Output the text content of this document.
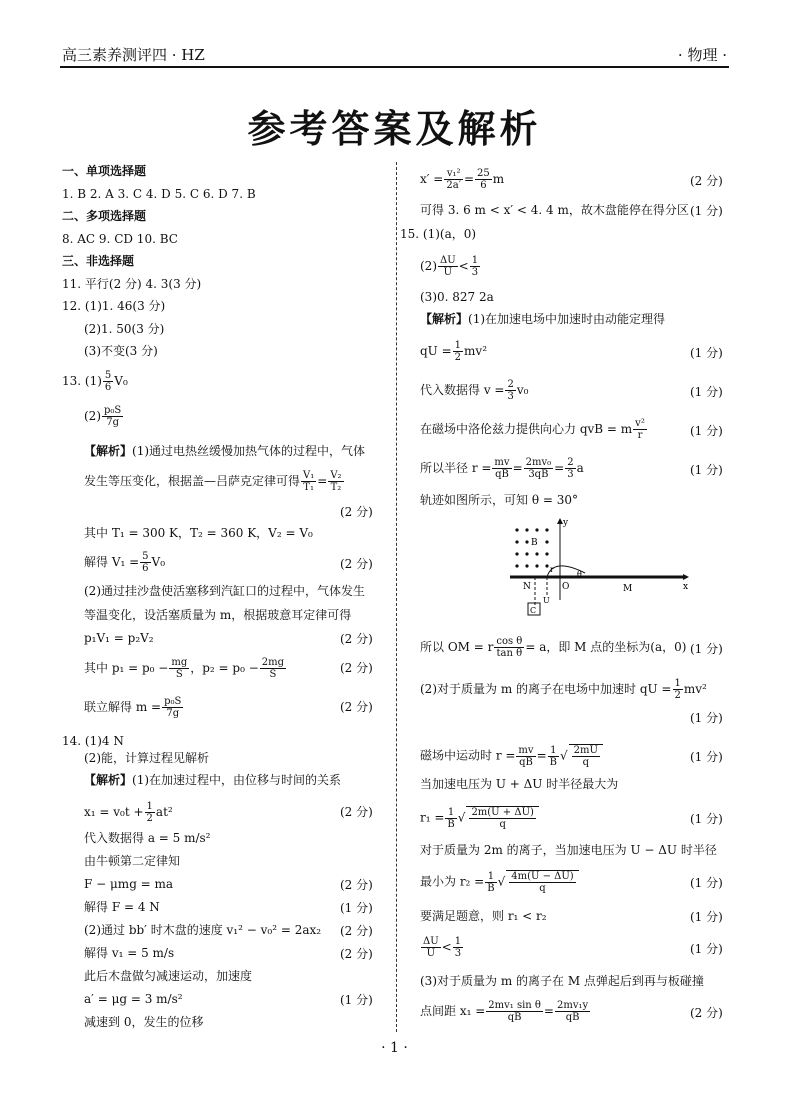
高三素养测评四 · HZ	· 物理 ·
参考答案及解析
一、单项选择题
1. B 2. A 3. C 4. D 5. C 6. D 7. B
二、多项选择题
8. AC 9. CD 10. BC
三、非选择题
11. 平行(2 分) 4. 3(3 分)
12. (1)1. 46(3 分)
(2)1. 50(3 分)
(3)不变(3 分)
13. $(1) \frac{5}{6} V_0$
$(2) \frac{\text{p₀S}}{7g}$
【解析】(1)通过电热丝缓慢加热气体的过程中，气体
发生等压变化，根据盖—吕萨克定律可得 $\frac{\text{V₁}}{\text{T₁}} = \frac{\text{V₂}}{\text{T₂}}$
(2 分)
其中 T₁ = 300 K，T₂ = 360 K，V₂ = V₀
解得 $V_1 = \frac{5}{6} V_0$	(2 分)
(2)通过挂沙盘使活塞移到汽缸口的过程中，气体发生
等温变化，设活塞质量为 m，根据玻意耳定律可得
p₁V₁ = p₂V₂	(2 分)
其中 $p_1 = p_0 - \frac{mg}{S}$ ，$p_2 = p_0 - \frac{2mg}{S}$	(2 分)
联立解得 $m = \frac{\text{p₀S}}{7g}$	(2 分)
14. (1)4 N
(2)能，计算过程见解析
【解析】(1)在加速过程中，由位移与时间的关系
$x_1 = v_0t + \frac{1}{2} at^2$	(2 分)
代入数据得 a = 5 m/s²
由牛顿第二定律知
F − μmg = ma	(2 分)
解得 F = 4 N	(1 分)
(2)通过 bb′ 时木盘的速度 v₁² − v₀² = 2ax₂ (2 分)
解得 v₁ = 5 m/s	(2 分)
此后木盘做匀减速运动，加速度
a′ = μg = 3 m/s²	(1 分)
减速到 0，发生的位移
$x' = \frac{\text{v₁²}}{2a'} = \frac{25}{6}$ m	(2 分)
可得 3. 6 m < x′ < 4. 4 m，故木盘能停在得分区 (1 分)
15. (1)(a，0)
$(2) \frac{\Delta U}{U} < \frac{1}{3}$
(3)0. 827 2a
【解析】(1)在加速电场中加速时由动能定理得
qU = $\frac{1}{2} mv^2$	(1 分)
代入数据得 $v = \frac{2}{3} v_0$	(1 分)
在磁场中洛伦兹力提供向心力 qvB = m $\frac{\text{v²}}{r}$	(1 分)
所以半径 $r = \frac{mv}{qB} = \frac{\text{2mv₀}}{3qB} = \frac{2}{3}$ a	(1 分)
轨迹如图所示，可知 θ = 30°
y
x
B
O	M
N
r
θ
U
C
所以 OM = r $\frac{\text{cos θ}}{\text{tan θ}} = a$，即 M 点的坐标为(a，0) (1 分)
(2)对于质量为 m 的离子在电场中加速时 qU = $\frac{1}{2} mv^2$
(1 分)
磁场中运动时 $r = \frac{mv}{qB} = \frac{1}{B}$ √ $\frac{2mU}{q}$	(1 分)
当加速电压为 U + ΔU 时半径最大为
$r_1 = \frac{1}{B}$ √ $\frac{2m(U + \Delta U)}{q}$	(1 分)
对于质量为 2m 的离子，当加速电压为 U − ΔU 时半径
最小为 $r_2 = \frac{1}{B}$ √ $\frac{4m(U - \Delta U)}{q}$	(1 分)
要满足题意，则 r₁ < r₂	(1 分)
$\frac{\Delta U}{U} < \frac{1}{3}$	(1 分)
(3)对于质量为 m 的离子在 M 点弹起后到再与板碰撞
点间距 $x_1 = \frac{\text{2mv₁ sin θ}}{qB} = \frac{\text{2mv₁y}}{qB}$	(2 分)
· 1 ·
